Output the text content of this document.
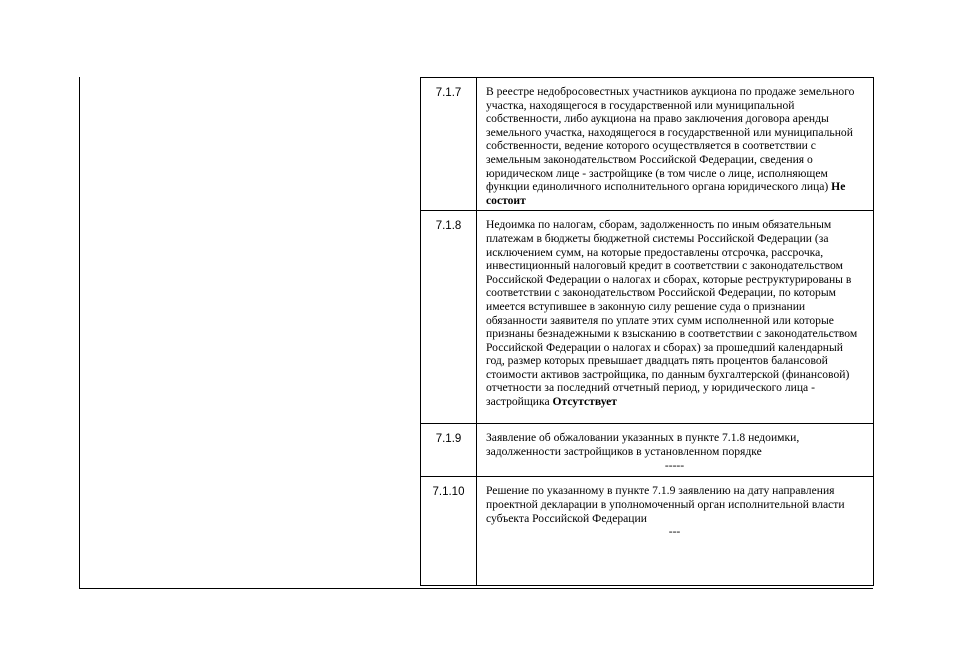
7.1.7	В реестре недобросовестных участников аукциона по продаже земельного участка, находящегося в государственной или муниципальной собственности, либо аукциона на право заключения договора аренды земельного участка, находящегося в государственной или муниципальной собственности, ведение которого осуществляется в соответствии с земельным законодательством Российской Федерации, сведения о юридическом лице - застройщике (в том числе о лице, исполняющем функции единоличного исполнительного органа юридического лица) Не состоит
7.1.8	Недоимка по налогам, сборам, задолженность по иным обязательным платежам в бюджеты бюджетной системы Российской Федерации (за исключением сумм, на которые предоставлены отсрочка, рассрочка, инвестиционный налоговый кредит в соответствии с законодательством Российской Федерации о налогах и сборах, которые реструктурированы в соответствии с законодательством Российской Федерации, по которым имеется вступившее в законную силу решение суда о признании обязанности заявителя по уплате этих сумм исполненной или которые признаны безнадежными к взысканию в соответствии с законодательством Российской Федерации о налогах и сборах) за прошедший календарный год, размер которых превышает двадцать пять процентов балансовой стоимости активов застройщика, по данным бухгалтерской (финансовой) отчетности за последний отчетный период, у юридического лица - застройщика Отсутствует
7.1.9	Заявление об обжаловании указанных в пункте 7.1.8 недоимки, задолженности застройщиков в установленном порядке
-----

7.1.10	Решение по указанному в пункте 7.1.9 заявлению на дату направления проектной декларации в уполномоченный орган исполнительной власти субъекта Российской Федерации
---
